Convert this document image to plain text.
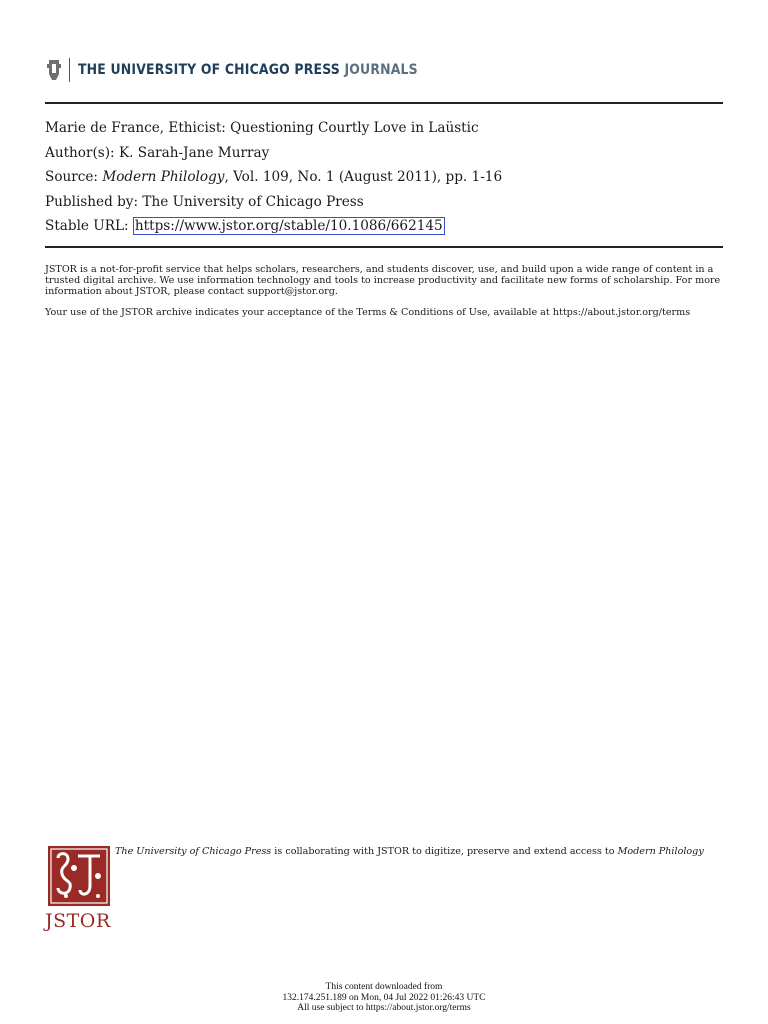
THE UNIVERSITY OF CHICAGO PRESS JOURNALS
Marie de France, Ethicist: Questioning Courtly Love in Laüstic
Author(s): K. Sarah-Jane Murray
Source: Modern Philology, Vol. 109, No. 1 (August 2011), pp. 1-16
Published by: The University of Chicago Press
Stable URL: https://www.jstor.org/stable/10.1086/662145

JSTOR is a not-for-profit service that helps scholars, researchers, and students discover, use, and build upon a wide range of content in a trusted digital archive. We use information technology and tools to increase productivity and facilitate new forms of scholarship. For more information about JSTOR, please contact support@jstor.org.

Your use of the JSTOR archive indicates your acceptance of the Terms & Conditions of Use, available at https://about.jstor.org/terms

JSTOR
The University of Chicago Press is collaborating with JSTOR to digitize, preserve and extend access to Modern Philology
This content downloaded from
132.174.251.189 on Mon, 04 Jul 2022 01:26:43 UTC
All use subject to https://about.jstor.org/terms
